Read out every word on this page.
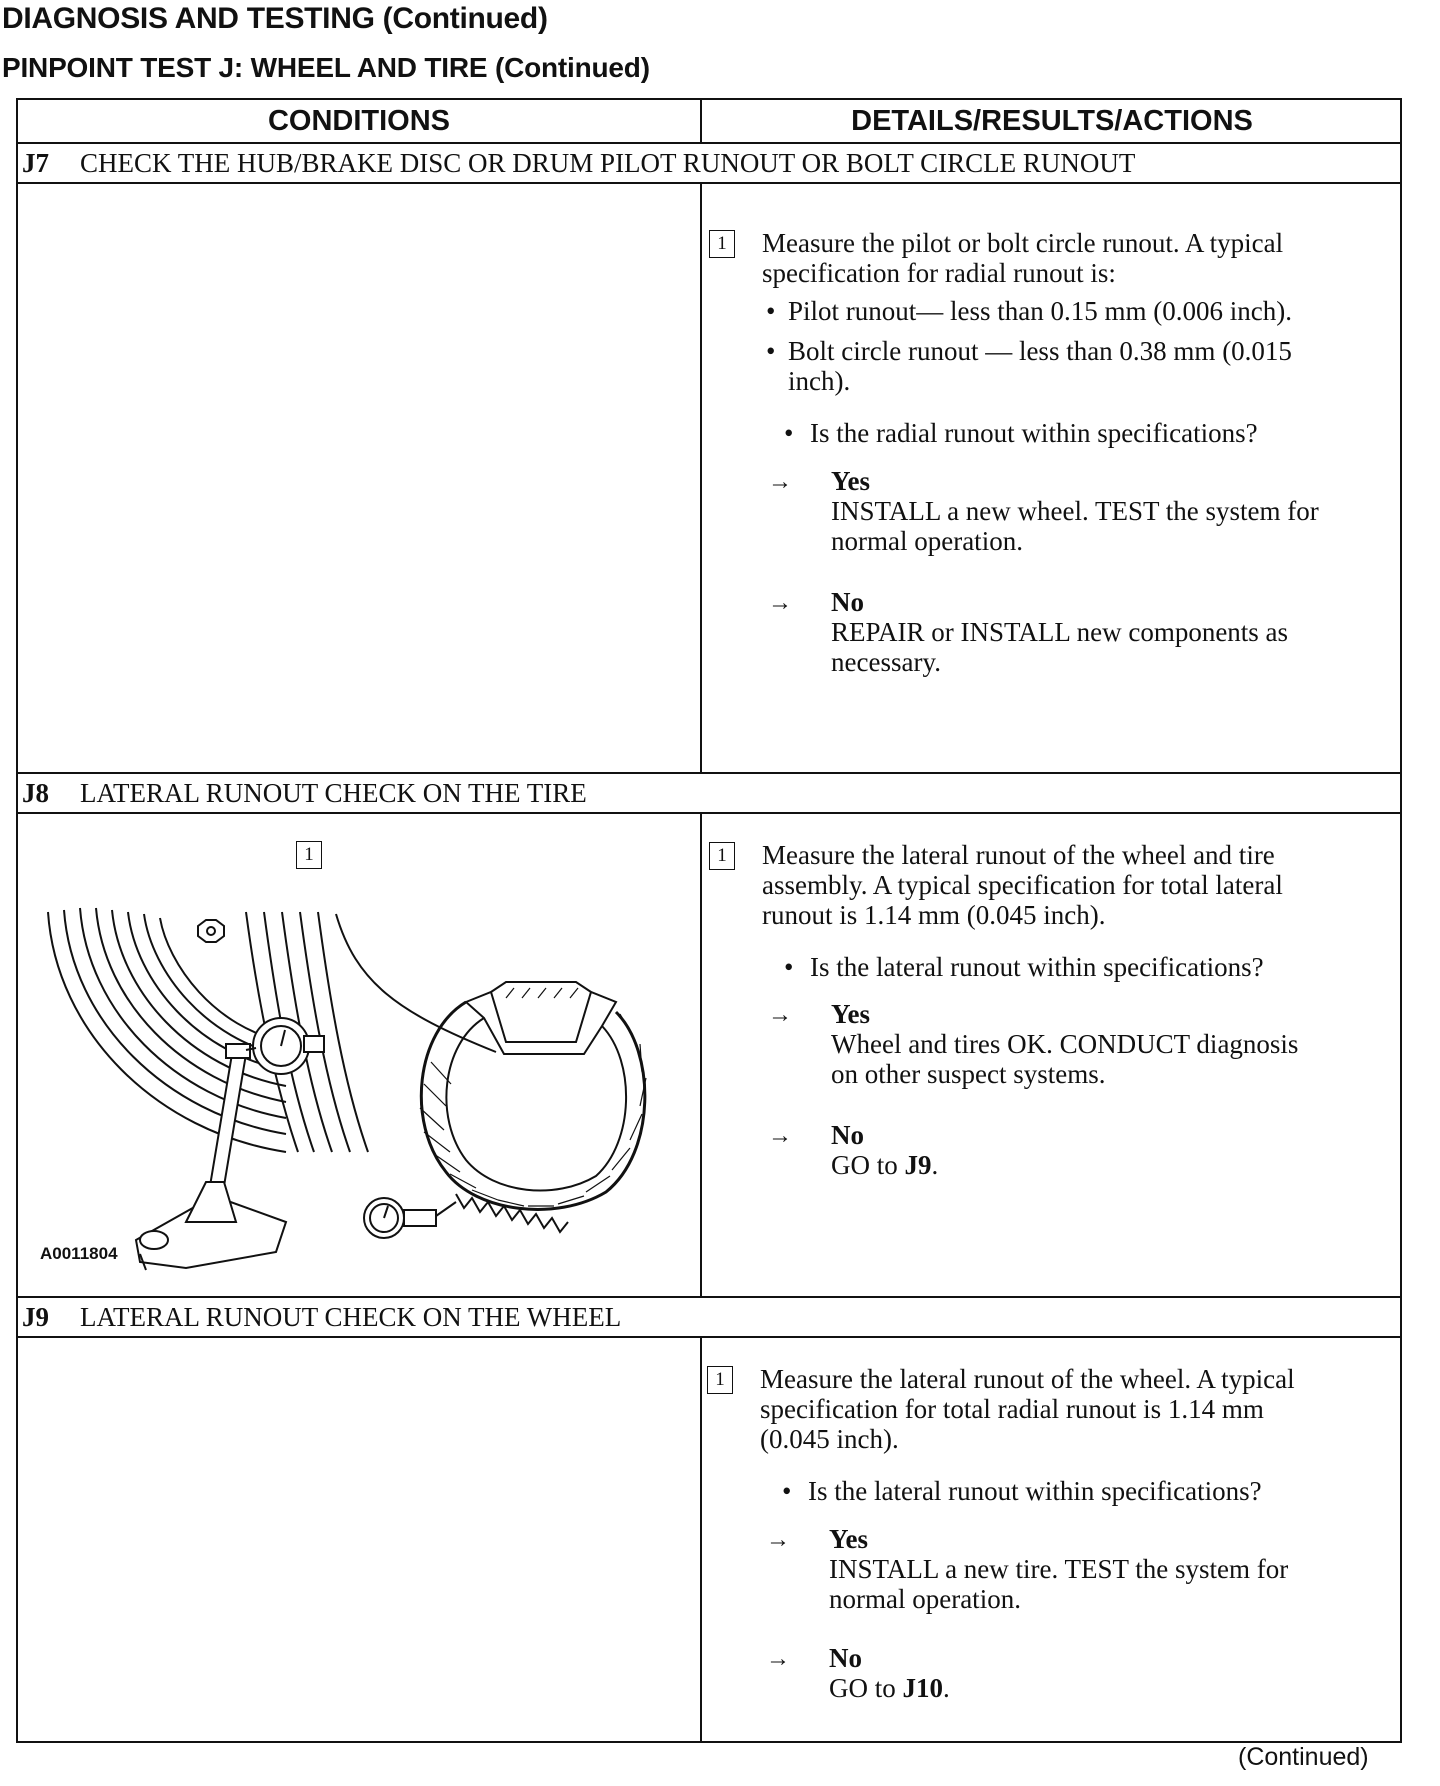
DIAGNOSIS AND TESTING (Continued)
PINPOINT TEST J: WHEEL AND TIRE (Continued)
CONDITIONS	DETAILS/RESULTS/ACTIONS
J7 CHECK THE HUB/BRAKE DISC OR DRUM PILOT RUNOUT OR BOLT CIRCLE RUNOUT
1	Measure the pilot or bolt circle runout. A typical
specification for radial runout is:
• Pilot runout— less than 0.15 mm (0.006 inch).
• Bolt circle runout — less than 0.38 mm (0.015
inch).
• Is the radial runout within specifications?
→ Yes
INSTALL a new wheel. TEST the system for
normal operation.
→ No
REPAIR or INSTALL new components as
necessary.
J8 LATERAL RUNOUT CHECK ON THE TIRE
1
A0011804
1	Measure the lateral runout of the wheel and tire
assembly. A typical specification for total lateral
runout is 1.14 mm (0.045 inch).
• Is the lateral runout within specifications?
→ Yes
Wheel and tires OK. CONDUCT diagnosis
on other suspect systems.
→ No
GO to J9.
J9 LATERAL RUNOUT CHECK ON THE WHEEL
1	Measure the lateral runout of the wheel. A typical
specification for total radial runout is 1.14 mm
(0.045 inch).
• Is the lateral runout within specifications?
→ Yes
INSTALL a new tire. TEST the system for
normal operation.
→ No
GO to J10.
(Continued)
